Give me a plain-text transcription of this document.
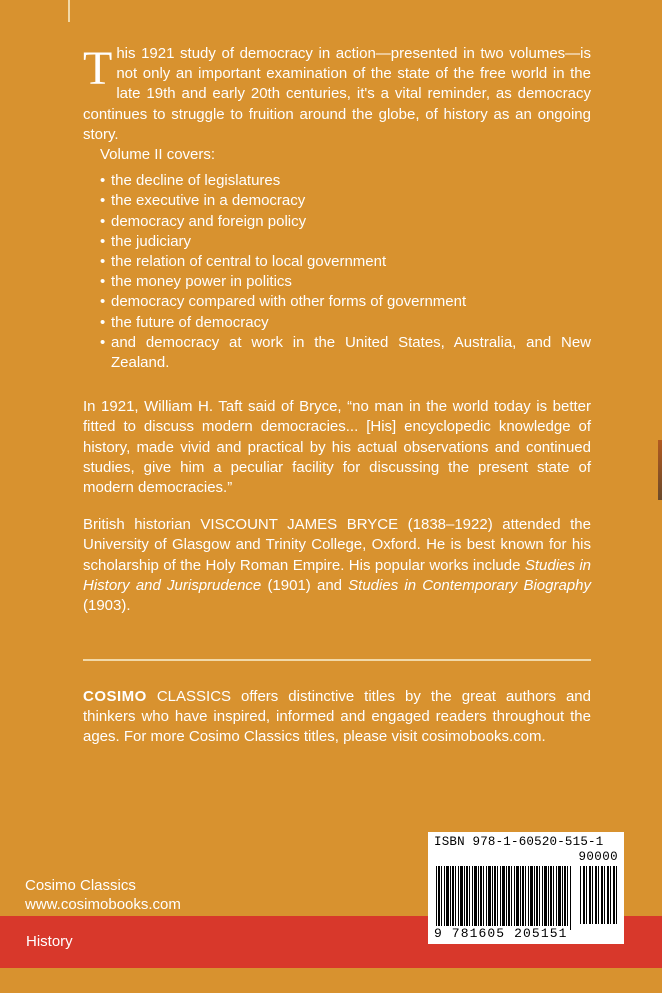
This 1921 study of democracy in action—presented in two volumes—is not only an important examination of the state of the free world in the late 19th and early 20th centuries, it's a vital reminder, as democracy continues to struggle to fruition around the globe, of history as an ongoing story.

Volume II covers:

• the decline of legislatures
• the executive in a democracy
• democracy and foreign policy
• the judiciary
• the relation of central to local government
• the money power in politics
• democracy compared with other forms of government
• the future of democracy
• and democracy at work in the United States, Australia, and New Zealand.

In 1921, William H. Taft said of Bryce, “no man in the world today is better fitted to discuss modern democracies... [His] encyclopedic knowledge of history, made vivid and practical by his actual observations and continued studies, give him a peculiar facility for discussing the present state of modern democracies.”

British historian VISCOUNT JAMES BRYCE (1838–1922) attended the University of Glasgow and Trinity College, Oxford. He is best known for his scholarship of the Holy Roman Empire. His popular works include Studies in History and Jurisprudence (1901) and Studies in Contemporary Biography (1903).

COSIMO CLASSICS offers distinctive titles by the great authors and thinkers who have inspired, informed and engaged readers throughout the ages. For more Cosimo Classics titles, please visit cosimobooks.com.

Cosimo Classics
www.cosimobooks.com
History
ISBN 978-1-60520-515-1
90000
9 781605 205151
